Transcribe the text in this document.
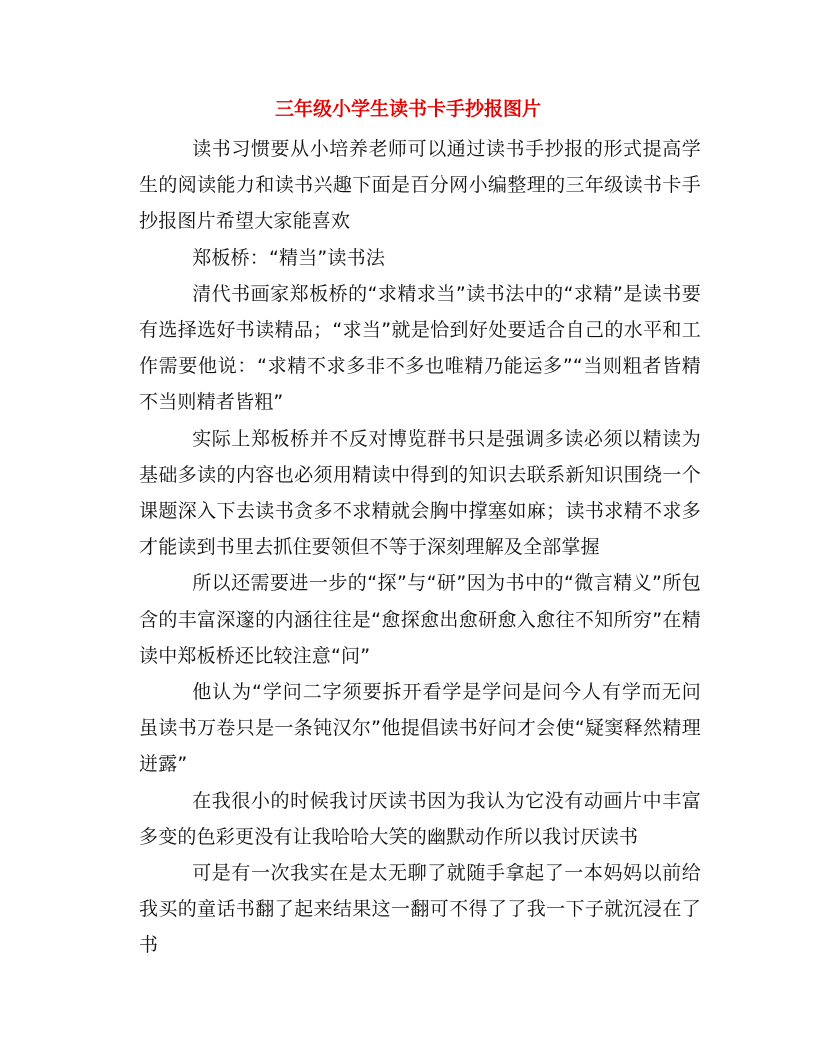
三年级小学生读书卡手抄报图片

读书习惯要从小培养老师可以通过读书手抄报的形式提高学生的阅读能力和读书兴趣下面是百分网小编整理的三年级读书卡手抄报图片希望大家能喜欢

郑板桥：“精当”读书法

清代书画家郑板桥的“求精求当”读书法中的“求精”是读书要有选择选好书读精品；“求当”就是恰到好处要适合自己的水平和工作需要他说：“求精不求多非不多也唯精乃能运多”“当则粗者皆精不当则精者皆粗”

实际上郑板桥并不反对博览群书只是强调多读必须以精读为基础多读的内容也必须用精读中得到的知识去联系新知识围绕一个课题深入下去读书贪多不求精就会胸中撑塞如麻；读书求精不求多才能读到书里去抓住要领但不等于深刻理解及全部掌握

所以还需要进一步的“探”与“研”因为书中的“微言精义”所包含的丰富深邃的内涵往往是“愈探愈出愈研愈入愈往不知所穷”在精读中郑板桥还比较注意“问”

他认为“学问二字须要拆开看学是学问是问今人有学而无问虽读书万卷只是一条钝汉尔”他提倡读书好问才会使“疑窦释然精理迸露”

在我很小的时候我讨厌读书因为我认为它没有动画片中丰富多变的色彩更没有让我哈哈大笑的幽默动作所以我讨厌读书

可是有一次我实在是太无聊了就随手拿起了一本妈妈以前给我买的童话书翻了起来结果这一翻可不得了了我一下子就沉浸在了书
